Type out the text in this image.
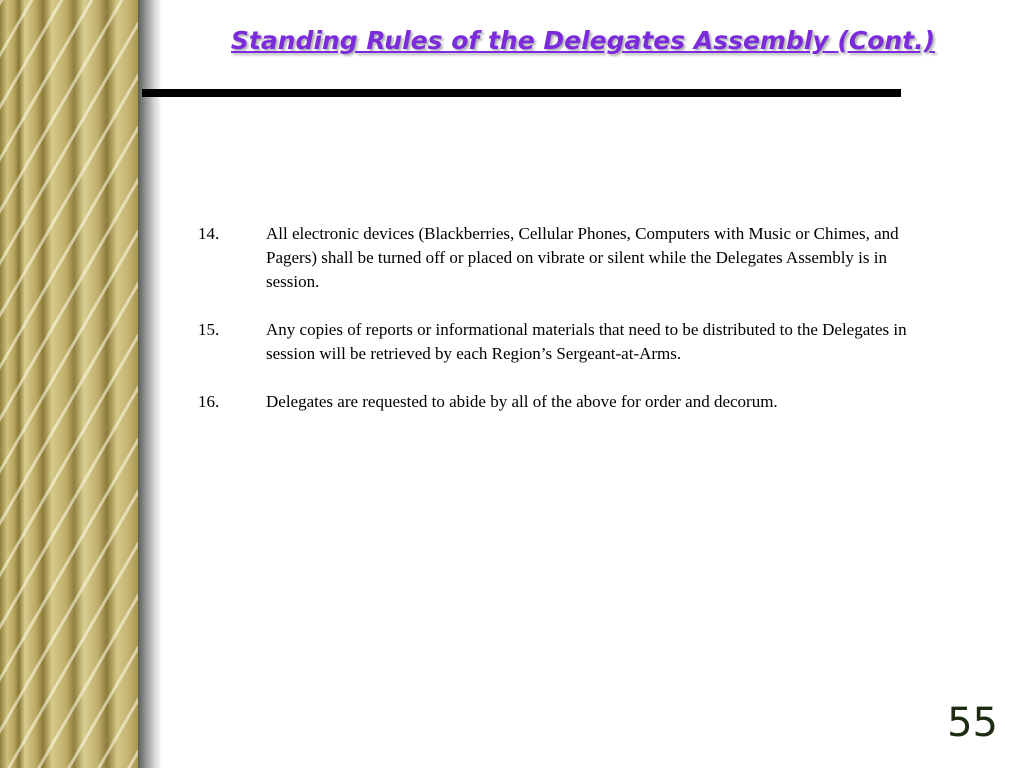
Standing Rules of the Delegates Assembly (Cont.)
14.	All electronic devices (Blackberries, Cellular Phones, Computers with Music or Chimes, and Pagers) shall be turned off or placed on vibrate or silent while the Delegates Assembly is in session.
15.	Any copies of reports or informational materials that need to be distributed to the Delegates in session will be retrieved by each Region’s Sergeant-at-Arms.
16.	Delegates are requested to abide by all of the above for order and decorum.
55
